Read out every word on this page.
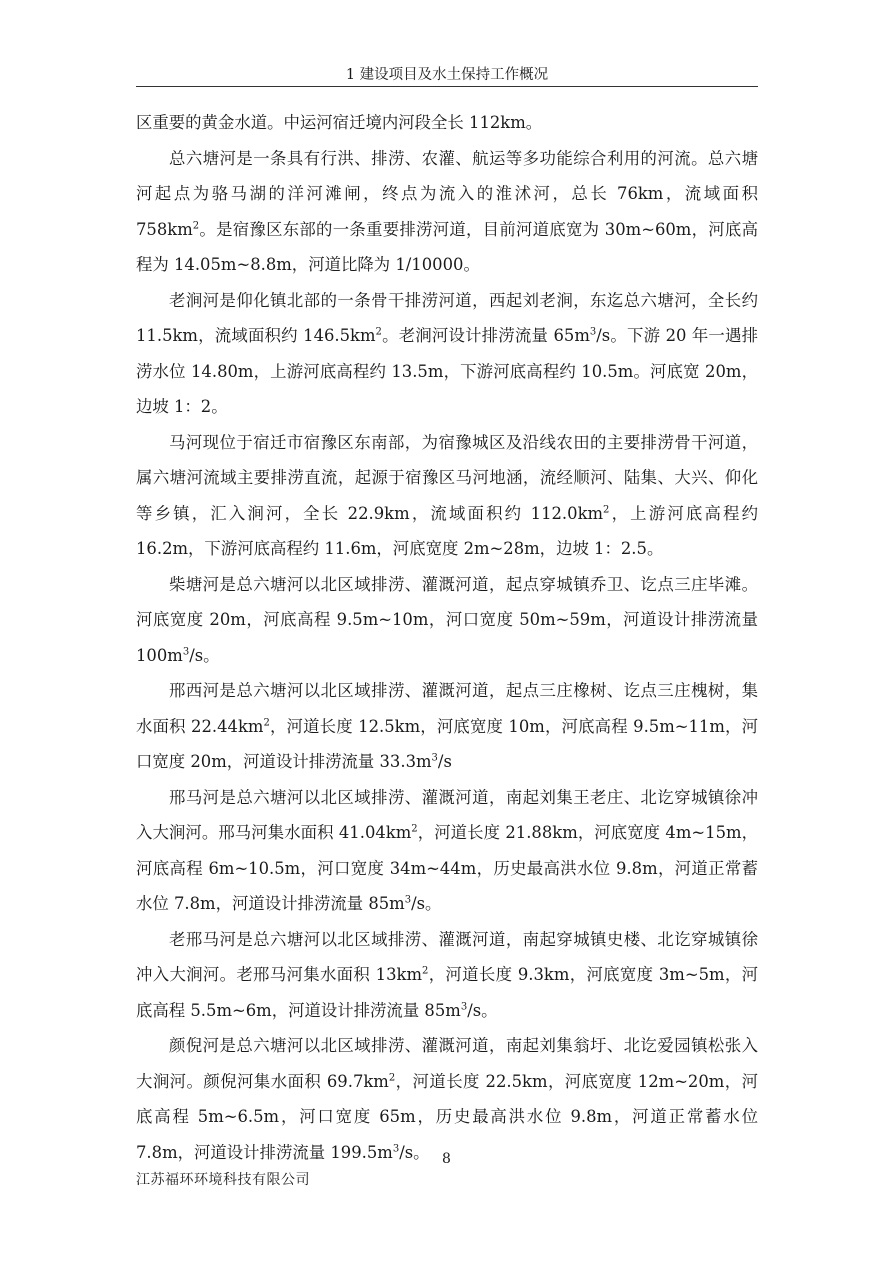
1 建设项目及水土保持工作概况

区重要的黄金水道。中运河宿迁境内河段全长 112km。

总六塘河是一条具有行洪、排涝、农灌、航运等多功能综合利用的河流。总六塘河起点为骆马湖的洋河滩闸，终点为流入的淮沭河，总长 76km，流域面积 $758km^2$。是宿豫区东部的一条重要排涝河道，目前河道底宽为 30m~60m，河底高程为 14.05m~8.8m，河道比降为 1/10000。

老涧河是仰化镇北部的一条骨干排涝河道，西起刘老涧，东迄总六塘河，全长约 11.5km，流域面积约 $146.5km^2$。老涧河设计排涝流量 $65m^3/s$。下游 20 年一遇排涝水位 14.80m，上游河底高程约 13.5m，下游河底高程约 10.5m。河底宽 20m，边坡 1：2。

马河现位于宿迁市宿豫区东南部，为宿豫城区及沿线农田的主要排涝骨干河道，属六塘河流域主要排涝直流，起源于宿豫区马河地涵，流经顺河、陆集、大兴、仰化等乡镇，汇入涧河，全长 22.9km，流域面积约 $112.0km^2$，上游河底高程约 16.2m，下游河底高程约 11.6m，河底宽度 2m~28m，边坡 1：2.5。

柴塘河是总六塘河以北区域排涝、灌溉河道，起点穿城镇乔卫、讫点三庄毕滩。河底宽度 20m，河底高程 9.5m~10m，河口宽度 50m~59m，河道设计排涝流量 $100m^3/s$。

邢西河是总六塘河以北区域排涝、灌溉河道，起点三庄橡树、讫点三庄槐树，集水面积 $22.44km^2$，河道长度 12.5km，河底宽度 10m，河底高程 9.5m~11m，河口宽度 20m，河道设计排涝流量 $33.3m^3/s$

邢马河是总六塘河以北区域排涝、灌溉河道，南起刘集王老庄、北讫穿城镇徐冲入大涧河。邢马河集水面积 $41.04km^2$，河道长度 21.88km，河底宽度 4m~15m，河底高程 6m~10.5m，河口宽度 34m~44m，历史最高洪水位 9.8m，河道正常蓄水位 7.8m，河道设计排涝流量 $85m^3/s$。

老邢马河是总六塘河以北区域排涝、灌溉河道，南起穿城镇史楼、北讫穿城镇徐冲入大涧河。老邢马河集水面积 $13km^2$，河道长度 9.3km，河底宽度 3m~5m，河底高程 5.5m~6m，河道设计排涝流量 $85m^3/s$。

颜倪河是总六塘河以北区域排涝、灌溉河道，南起刘集翁圩、北讫爱园镇松张入大涧河。颜倪河集水面积 $69.7km^2$，河道长度 22.5km，河底宽度 12m~20m，河底高程 5m~6.5m，河口宽度 65m，历史最高洪水位 9.8m，河道正常蓄水位 7.8m，河道设计排涝流量 $199.5m^3/s$。 8
江苏福环环境科技有限公司
